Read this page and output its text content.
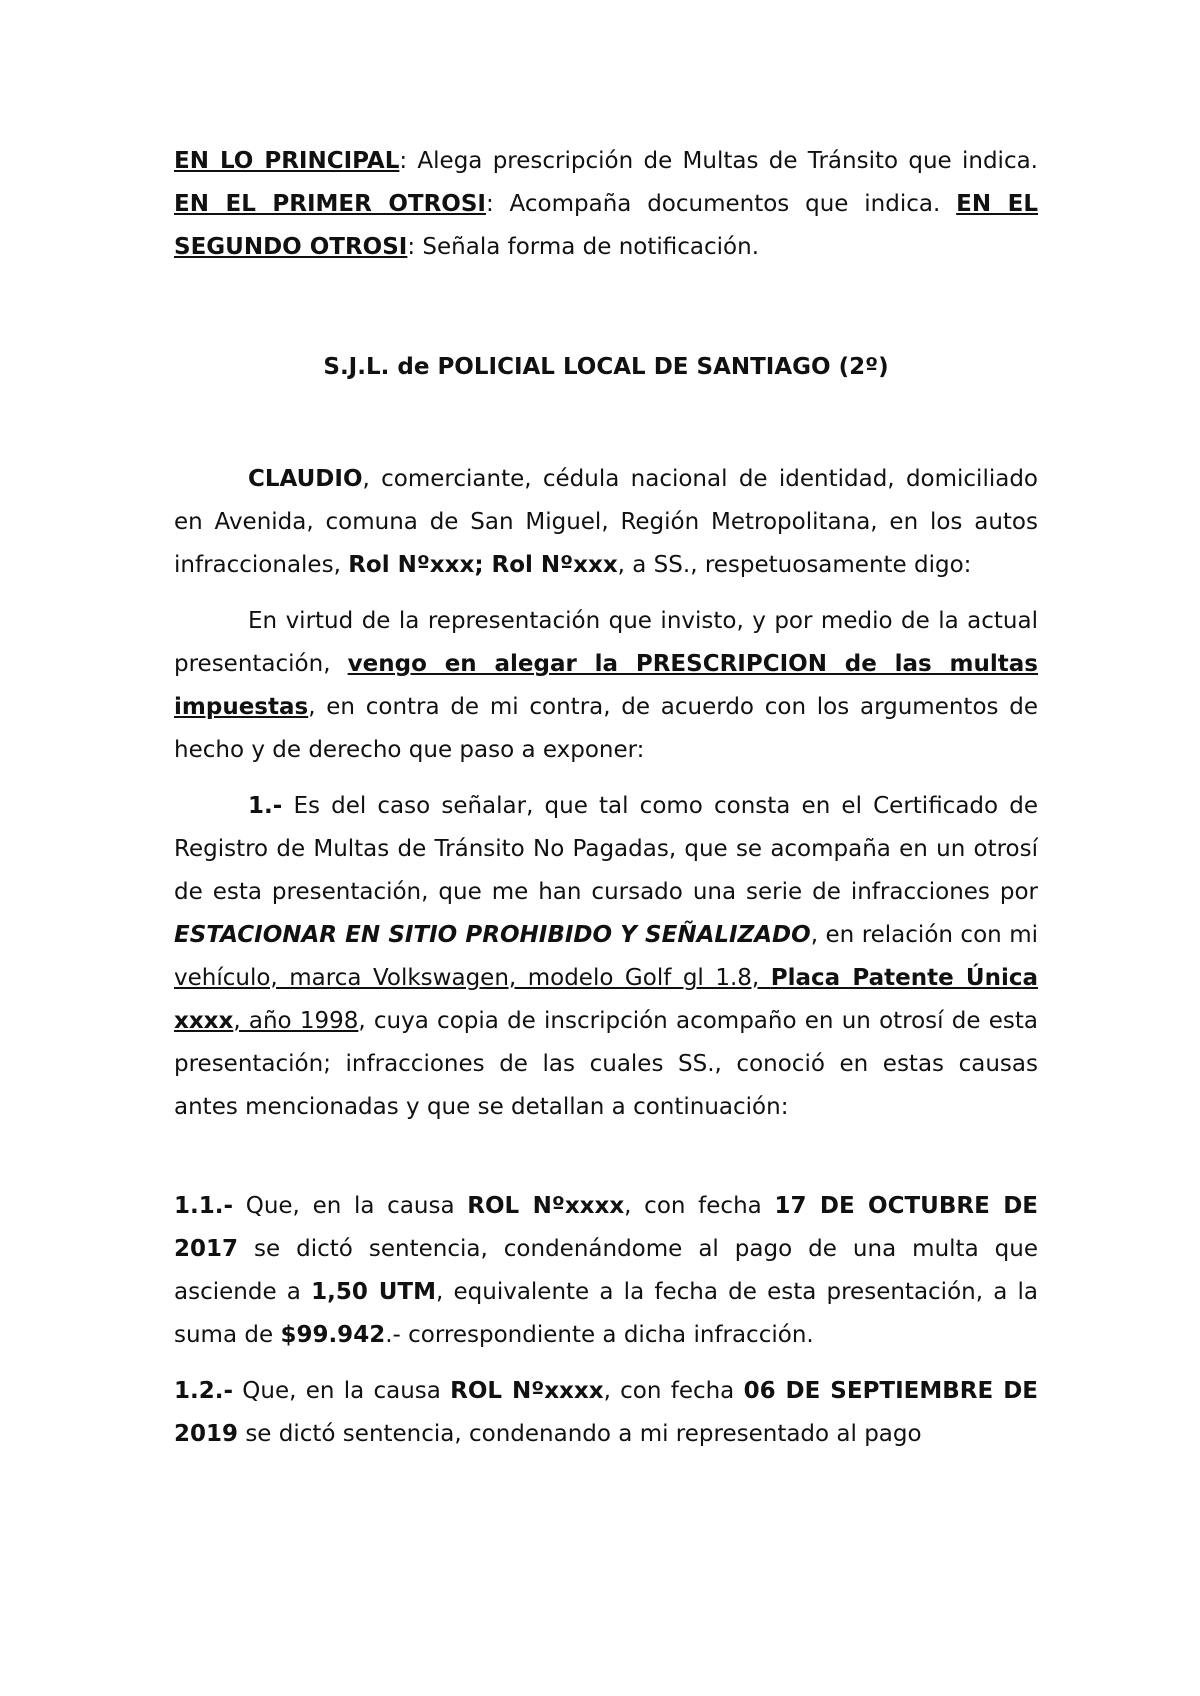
EN LO PRINCIPAL: Alega prescripción de Multas de Tránsito que indica. EN EL PRIMER OTROSI: Acompaña documentos que indica. EN EL SEGUNDO OTROSI: Señala forma de notificación.

S.J.L. de POLICIAL LOCAL DE SANTIAGO (2º)

CLAUDIO, comerciante, cédula nacional de identidad, domiciliado en Avenida, comuna de San Miguel, Región Metropolitana, en los autos infraccionales, Rol Nºxxx; Rol Nºxxx, a SS., respetuosamente digo:

En virtud de la representación que invisto, y por medio de la actual presentación, vengo en alegar la PRESCRIPCION de las multas impuestas, en contra de mi contra, de acuerdo con los argumentos de hecho y de derecho que paso a exponer:

1.- Es del caso señalar, que tal como consta en el Certificado de Registro de Multas de Tránsito No Pagadas, que se acompaña en un otrosí de esta presentación, que me han cursado una serie de infracciones por ESTACIONAR EN SITIO PROHIBIDO Y SEÑALIZADO, en relación con mi vehículo, marca Volkswagen, modelo Golf gl 1.8, Placa Patente Única xxxx, año 1998, cuya copia de inscripción acompaño en un otrosí de esta presentación; infracciones de las cuales SS., conoció en estas causas antes mencionadas y que se detallan a continuación:

1.1.- Que, en la causa ROL Nºxxxx, con fecha 17 DE OCTUBRE DE 2017 se dictó sentencia, condenándome al pago de una multa que asciende a 1,50 UTM, equivalente a la fecha de esta presentación, a la suma de $99.942.- correspondiente a dicha infracción.

1.2.- Que, en la causa ROL Nºxxxx, con fecha 06 DE SEPTIEMBRE DE 2019 se dictó sentencia, condenando a mi representado al pago
